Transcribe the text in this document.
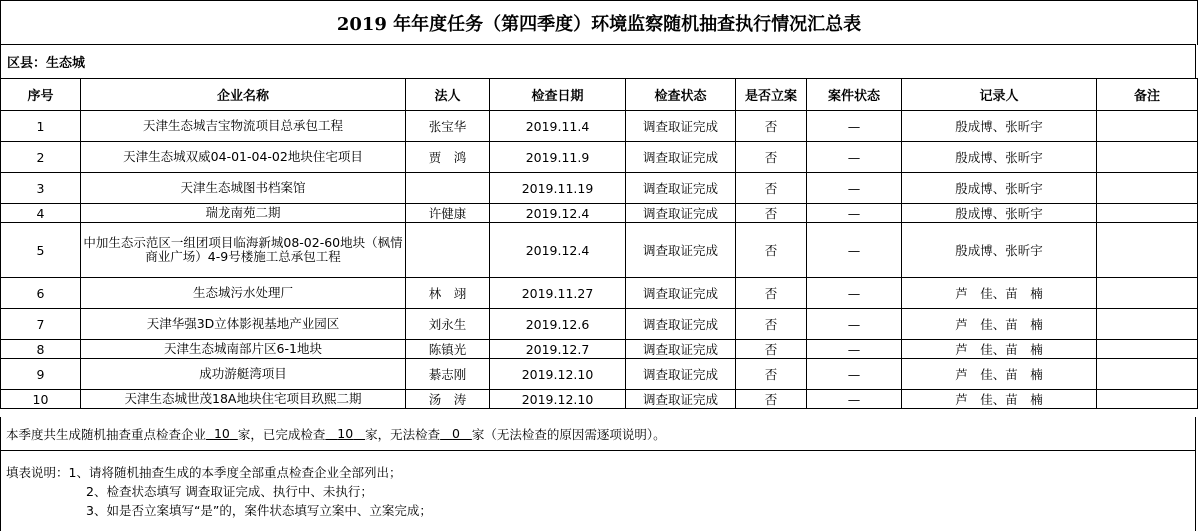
2019 年年度任务（第四季度）环境监察随机抽查执行情况汇总表
区县：生态城
序号	企业名称	法人	检查日期	检查状态	是否立案	案件状态	记录人	备注
1	天津生态城吉宝物流项目总承包工程	张宝华	2019.11.4	调查取证完成	否	—	殷成博、张昕宇	
2	天津生态城双威04-01-04-02地块住宅项目	贾　鸿	2019.11.9	调查取证完成	否	—	殷成博、张昕宇	
3	天津生态城图书档案馆		2019.11.19	调查取证完成	否	—	殷成博、张昕宇	
4	瑞龙南苑二期	许健康	2019.12.4	调查取证完成	否	—	殷成博、张昕宇	
5	中加生态示范区一组团项目临海新城08-02-60地块（枫情商业广场）4-9号楼施工总承包工程		2019.12.4	调查取证完成	否	—	殷成博、张昕宇	
6	生态城污水处理厂	林　翊	2019.11.27	调查取证完成	否	—	芦　佳、苗　楠	
7	天津华强3D立体影视基地产业园区	刘永生	2019.12.6	调查取证完成	否	—	芦　佳、苗　楠	
8	天津生态城南部片区6-1地块	陈镇光	2019.12.7	调查取证完成	否	—	芦　佳、苗　楠	
9	成功游艇湾项目	綦志刚	2019.12.10	调查取证完成	否	—	芦　佳、苗　楠	
10	天津生态城世茂18A地块住宅项目玖熙二期	汤　涛	2019.12.10	调查取证完成	否	—	芦　佳、苗　楠	
本季度共生成随机抽查重点检查企业 10 家，已完成检查 10 家，无法检查 0 家（无法检查的原因需逐项说明）。
填表说明：1、请将随机抽查生成的本季度全部重点检查企业全部列出；
2、检查状态填写 调查取证完成、执行中、未执行；
3、如是否立案填写“是”的，案件状态填写立案中、立案完成；
